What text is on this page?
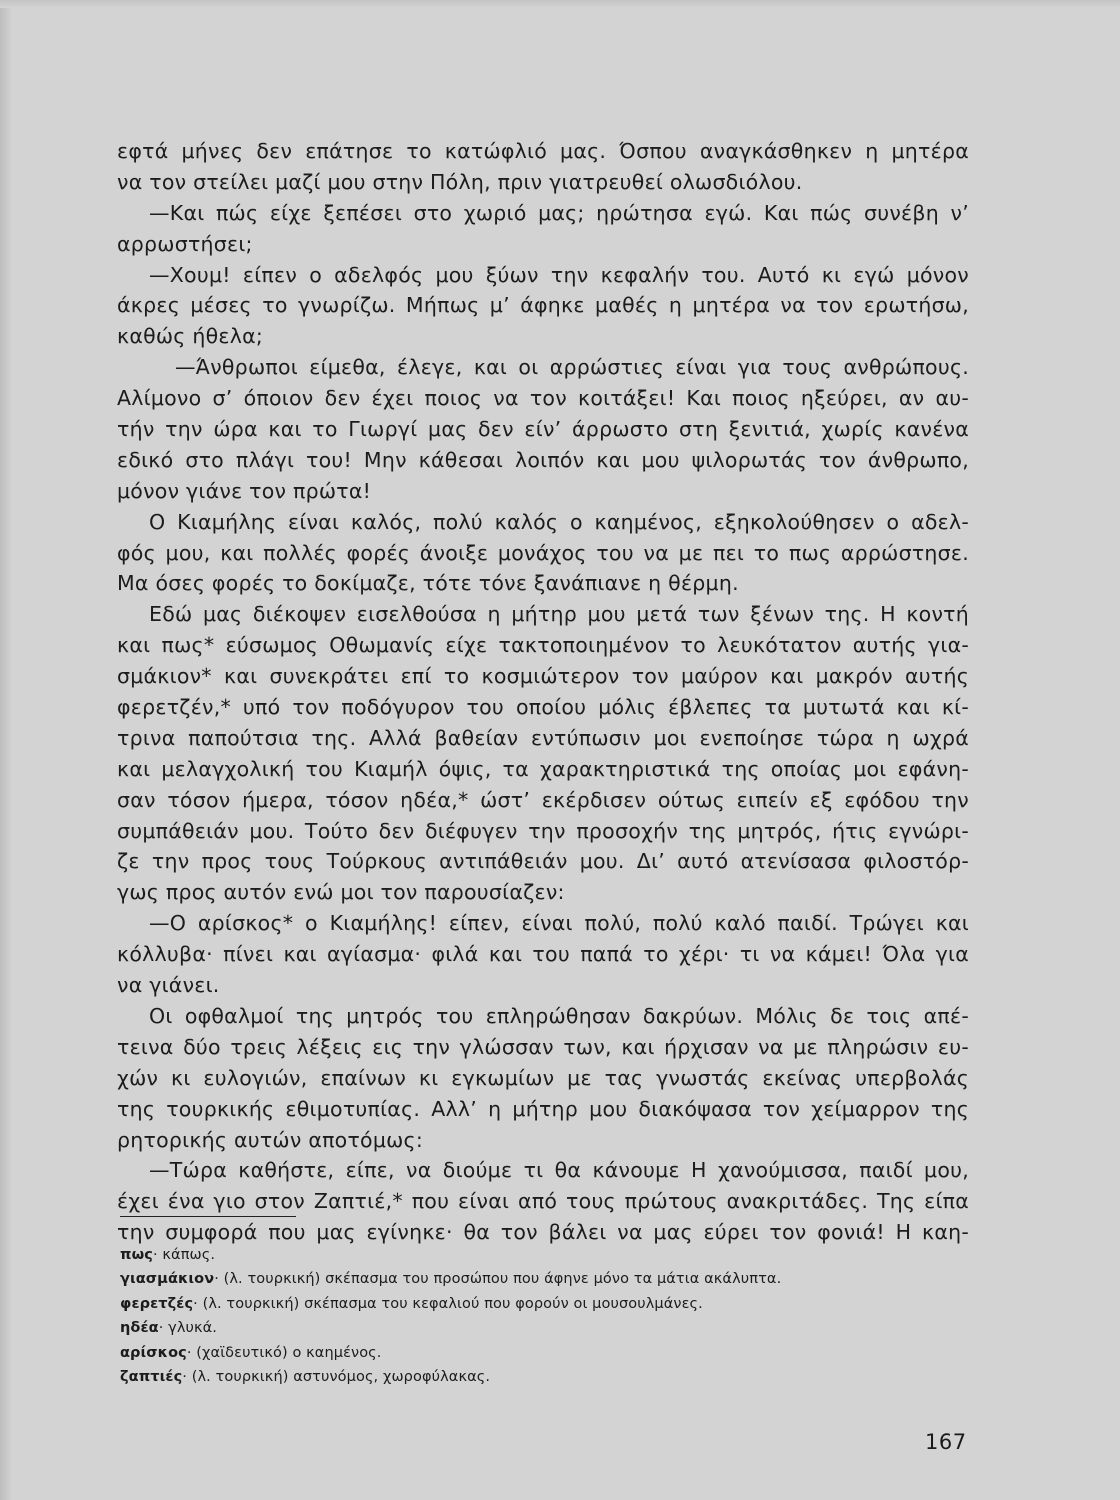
εφτά μήνες δεν επάτησε το κατώφλιό μας. Όσπου αναγκάσθηκεν η μητέρα
να τον στείλει μαζί μου στην Πόλη, πριν γιατρευθεί ολωσδιόλου.
—Και πώς είχε ξεπέσει στο χωριό μας; ηρώτησα εγώ. Και πώς συνέβη ν’
αρρωστήσει;
—Χουμ! είπεν ο αδελφός μου ξύων την κεφαλήν του. Αυτό κι εγώ μόνον
άκρες μέσες το γνωρίζω. Μήπως μ’ άφηκε μαθές η μητέρα να τον ερωτήσω,
καθώς ήθελα;
—Άνθρωποι είμεθα, έλεγε, και οι αρρώστιες είναι για τους ανθρώπους.
Αλίμονο σ’ όποιον δεν έχει ποιος να τον κοιτάξει! Και ποιος ηξεύρει, αν αυ-
τήν την ώρα και το Γιωργί μας δεν είν’ άρρωστο στη ξενιτιά, χωρίς κανένα
εδικό στο πλάγι του! Μην κάθεσαι λοιπόν και μου ψιλορωτάς τον άνθρωπο,
μόνον γιάνε τον πρώτα!
Ο Κιαμήλης είναι καλός, πολύ καλός ο καημένος, εξηκολούθησεν ο αδελ-
φός μου, και πολλές φορές άνοιξε μονάχος του να με πει το πως αρρώστησε.
Μα όσες φορές το δοκίμαζε, τότε τόνε ξανάπιανε η θέρμη.
Εδώ μας διέκοψεν εισελθούσα η μήτηρ μου μετά των ξένων της. Η κοντή
και πως* εύσωμος Οθωμανίς είχε τακτοποιημένον το λευκότατον αυτής για-
σμάκιον* και συνεκράτει επί το κοσμιώτερον τον μαύρον και μακρόν αυτής
φερετζέν,* υπό τον ποδόγυρον του οποίου μόλις έβλεπες τα μυτωτά και κί-
τρινα παπούτσια της. Αλλά βαθείαν εντύπωσιν μοι ενεποίησε τώρα η ωχρά
και μελαγχολική του Κιαμήλ όψις, τα χαρακτηριστικά της οποίας μοι εφάνη-
σαν τόσον ήμερα, τόσον ηδέα,* ώστ’ εκέρδισεν ούτως ειπείν εξ εφόδου την
συμπάθειάν μου. Τούτο δεν διέφυγεν την προσοχήν της μητρός, ήτις εγνώρι-
ζε την προς τους Τούρκους αντιπάθειάν μου. Δι’ αυτό ατενίσασα φιλοστόρ-
γως προς αυτόν ενώ μοι τον παρουσίαζεν:
—Ο αρίσκος* ο Κιαμήλης! είπεν, είναι πολύ, πολύ καλό παιδί. Τρώγει και
κόλλυβα· πίνει και αγίασμα· φιλά και του παπά το χέρι· τι να κάμει! Όλα για
να γιάνει.
Οι οφθαλμοί της μητρός του επληρώθησαν δακρύων. Μόλις δε τοις απέ-
τεινα δύο τρεις λέξεις εις την γλώσσαν των, και ήρχισαν να με πληρώσιν ευ-
χών κι ευλογιών, επαίνων κι εγκωμίων με τας γνωστάς εκείνας υπερβολάς
της τουρκικής εθιμοτυπίας. Αλλ’ η μήτηρ μου διακόψασα τον χείμαρρον της
ρητορικής αυτών αποτόμως:
—Τώρα καθήστε, είπε, να διούμε τι θα κάνουμε Η χανούμισσα, παιδί μου,
έχει ένα γιο στον Ζαπτιέ,* που είναι από τους πρώτους ανακριτάδες. Της είπα
την συμφορά που μας εγίνηκε· θα τον βάλει να μας εύρει τον φονιά! Η καη-
πως· κάπως.
γιασμάκιον· (λ. τουρκική) σκέπασμα του προσώπου που άφηνε μόνο τα μάτια ακάλυπτα.
φερετζές· (λ. τουρκική) σκέπασμα του κεφαλιού που φορούν οι μουσουλμάνες.
ηδέα· γλυκά.
αρίσκος· (χαϊδευτικό) ο καημένος.
ζαπτιές· (λ. τουρκική) αστυνόμος, χωροφύλακας.
167
